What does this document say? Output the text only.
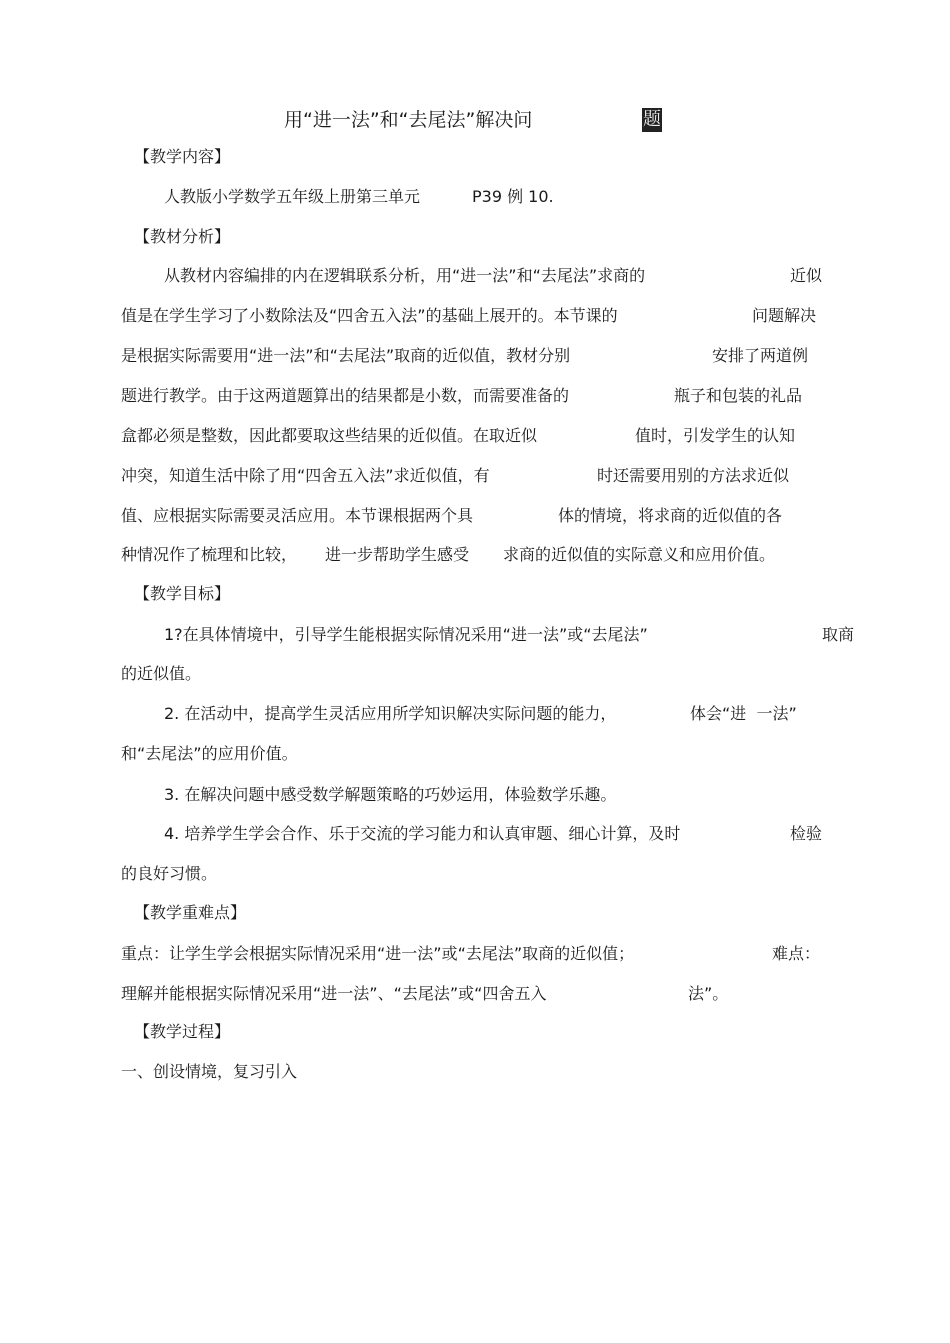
用“进一法”和“去尾法”解决问	题
【教学内容】
人教版小学数学五年级上册第三单元	P39 例 10.
【教材分析】
从教材内容编排的内在逻辑联系分析，用“进一法”和“去尾法”求商的	近似
值是在学生学习了小数除法及“四舍五入法”的基础上展开的。本节课的	问题解决
是根据实际需要用“进一法”和“去尾法”取商的近似值，教材分别	安排了两道例
题进行教学。由于这两道题算出的结果都是小数，而需要准备的	瓶子和包装的礼品
盒都必须是整数，因此都要取这些结果的近似值。在取近似	值时，引发学生的认知
冲突，知道生活中除了用“四舍五入法”求近似值，有	时还需要用别的方法求近似
值、应根据实际需要灵活应用。本节课根据两个具	体的情境，将求商的近似值的各
种情况作了梳理和比较， 进一步帮助学生感受 求商的近似值的实际意义和应用价值。
【教学目标】
1?在具体情境中，引导学生能根据实际情况采用“进一法”或“去尾法”	取商
的近似值。
2. 在活动中，提高学生灵活应用所学知识解决实际问题的能力，	体会“进  一法”
和“去尾法”的应用价值。
3. 在解决问题中感受数学解题策略的巧妙运用，体验数学乐趣。
4. 培养学生学会合作、乐于交流的学习能力和认真审题、细心计算，及时	检验
的良好习惯。
【教学重难点】
重点：让学生学会根据实际情况采用“进一法”或“去尾法”取商的近似值；	难点：
理解并能根据实际情况采用“进一法”、“去尾法”或“四舍五入	法”。
【教学过程】
一、创设情境，复习引入
